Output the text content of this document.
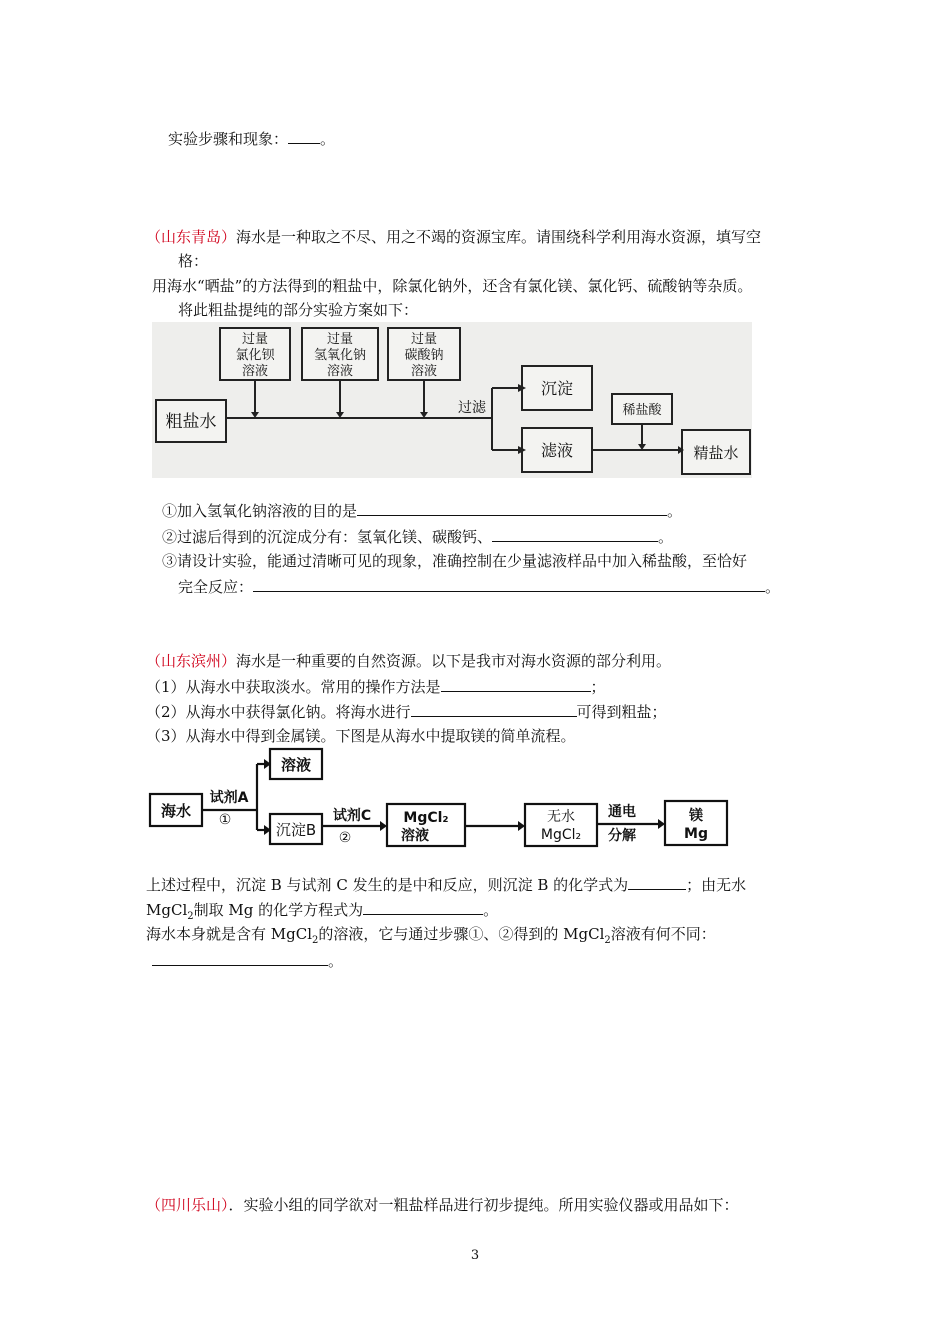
实验步骤和现象： 。
（山东青岛）海水是一种取之不尽、用之不竭的资源宝库。请围绕科学利用海水资源，填写空
格：
用海水“晒盐”的方法得到的粗盐中，除氯化钠外，还含有氯化镁、氯化钙、硫酸钠等杂质。
将此粗盐提纯的部分实验方案如下：
过量
氯化钡
溶液
过量
氢氧化钠
溶液
过量
碳酸钠
溶液
粗盐水
过滤
沉淀
滤液
稀盐酸
精盐水
①加入氢氧化钠溶液的目的是	。
②过滤后得到的沉淀成分有：氢氧化镁、碳酸钙、	。
③请设计实验，能通过清晰可见的现象，准确控制在少量滤液样品中加入稀盐酸，至恰好
完全反应：	。
（山东滨州）海水是一种重要的自然资源。以下是我市对海水资源的部分利用。
（1）从海水中获取淡水。常用的操作方法是	；
（2）从海水中获得氯化钠。将海水进行	可得到粗盐；
（3）从海水中得到金属镁。下图是从海水中提取镁的简单流程。
海水
试剂A
①
溶液
沉淀B
试剂C
②
MgCl₂
溶液
无水
MgCl₂
通电
分解
镁
Mg
上述过程中，沉淀 B 与试剂 C 发生的是中和反应，则沉淀 B 的化学式为	；由无水
MgCl$_2$制取 Mg 的化学方程式为	。
海水本身就是含有 MgCl$_2$的溶液，它与通过步骤①、②得到的 MgCl$_2$溶液有何不同：
。
（四川乐山）．实验小组的同学欲对一粗盐样品进行初步提纯。所用实验仪器或用品如下：
3
